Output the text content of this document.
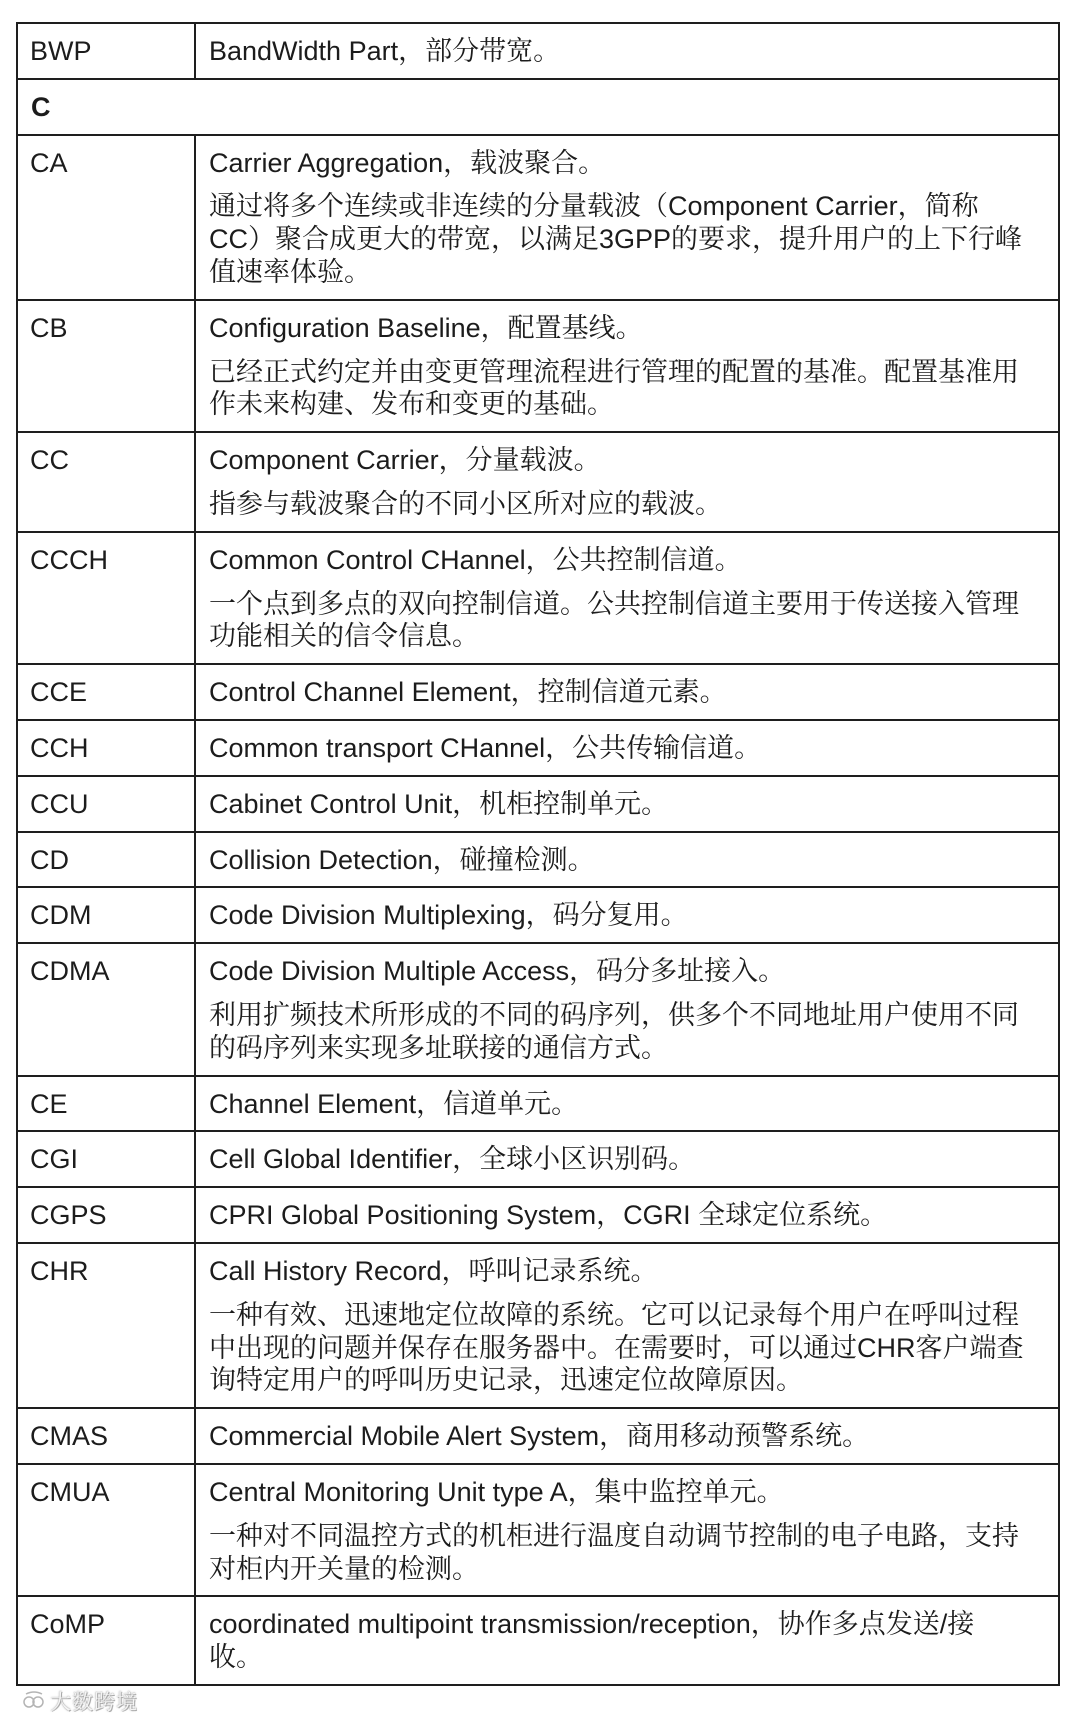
BWP	BandWidth Part，部分带宽。

C	
CA	Carrier Aggregation，载波聚合。
通过将多个连续或非连续的分量载波（Component Carrier，简称
CC）聚合成更大的带宽，以满足3GPP的要求，提升用户的上下行峰
值速率体验。

CB	Configuration Baseline，配置基线。
已经正式约定并由变更管理流程进行管理的配置的基准。配置基准用
作未来构建、发布和变更的基础。

CC	Component Carrier，分量载波。
指参与载波聚合的不同小区所对应的载波。

CCCH	Common Control CHannel，公共控制信道。
一个点到多点的双向控制信道。公共控制信道主要用于传送接入管理
功能相关的信令信息。

CCE	Control Channel Element，控制信道元素。

CCH	Common transport CHannel，公共传输信道。

CCU	Cabinet Control Unit，机柜控制单元。

CD	Collision Detection，碰撞检测。

CDM	Code Division Multiplexing，码分复用。

CDMA	Code Division Multiple Access，码分多址接入。
利用扩频技术所形成的不同的码序列，供多个不同地址用户使用不同
的码序列来实现多址联接的通信方式。

CE	Channel Element，信道单元。

CGI	Cell Global Identifier，全球小区识别码。

CGPS	CPRI Global Positioning System，CGRI 全球定位系统。

CHR	Call History Record，呼叫记录系统。
一种有效、迅速地定位故障的系统。它可以记录每个用户在呼叫过程
中出现的问题并保存在服务器中。在需要时，可以通过CHR客户端查
询特定用户的呼叫历史记录，迅速定位故障原因。

CMAS	Commercial Mobile Alert System，商用移动预警系统。

CMUA	Central Monitoring Unit type A，集中监控单元。
一种对不同温控方式的机柜进行温度自动调节控制的电子电路，支持
对柜内开关量的检测。

CoMP	coordinated multipoint transmission/reception，协作多点发送/接
收。
大数跨境
